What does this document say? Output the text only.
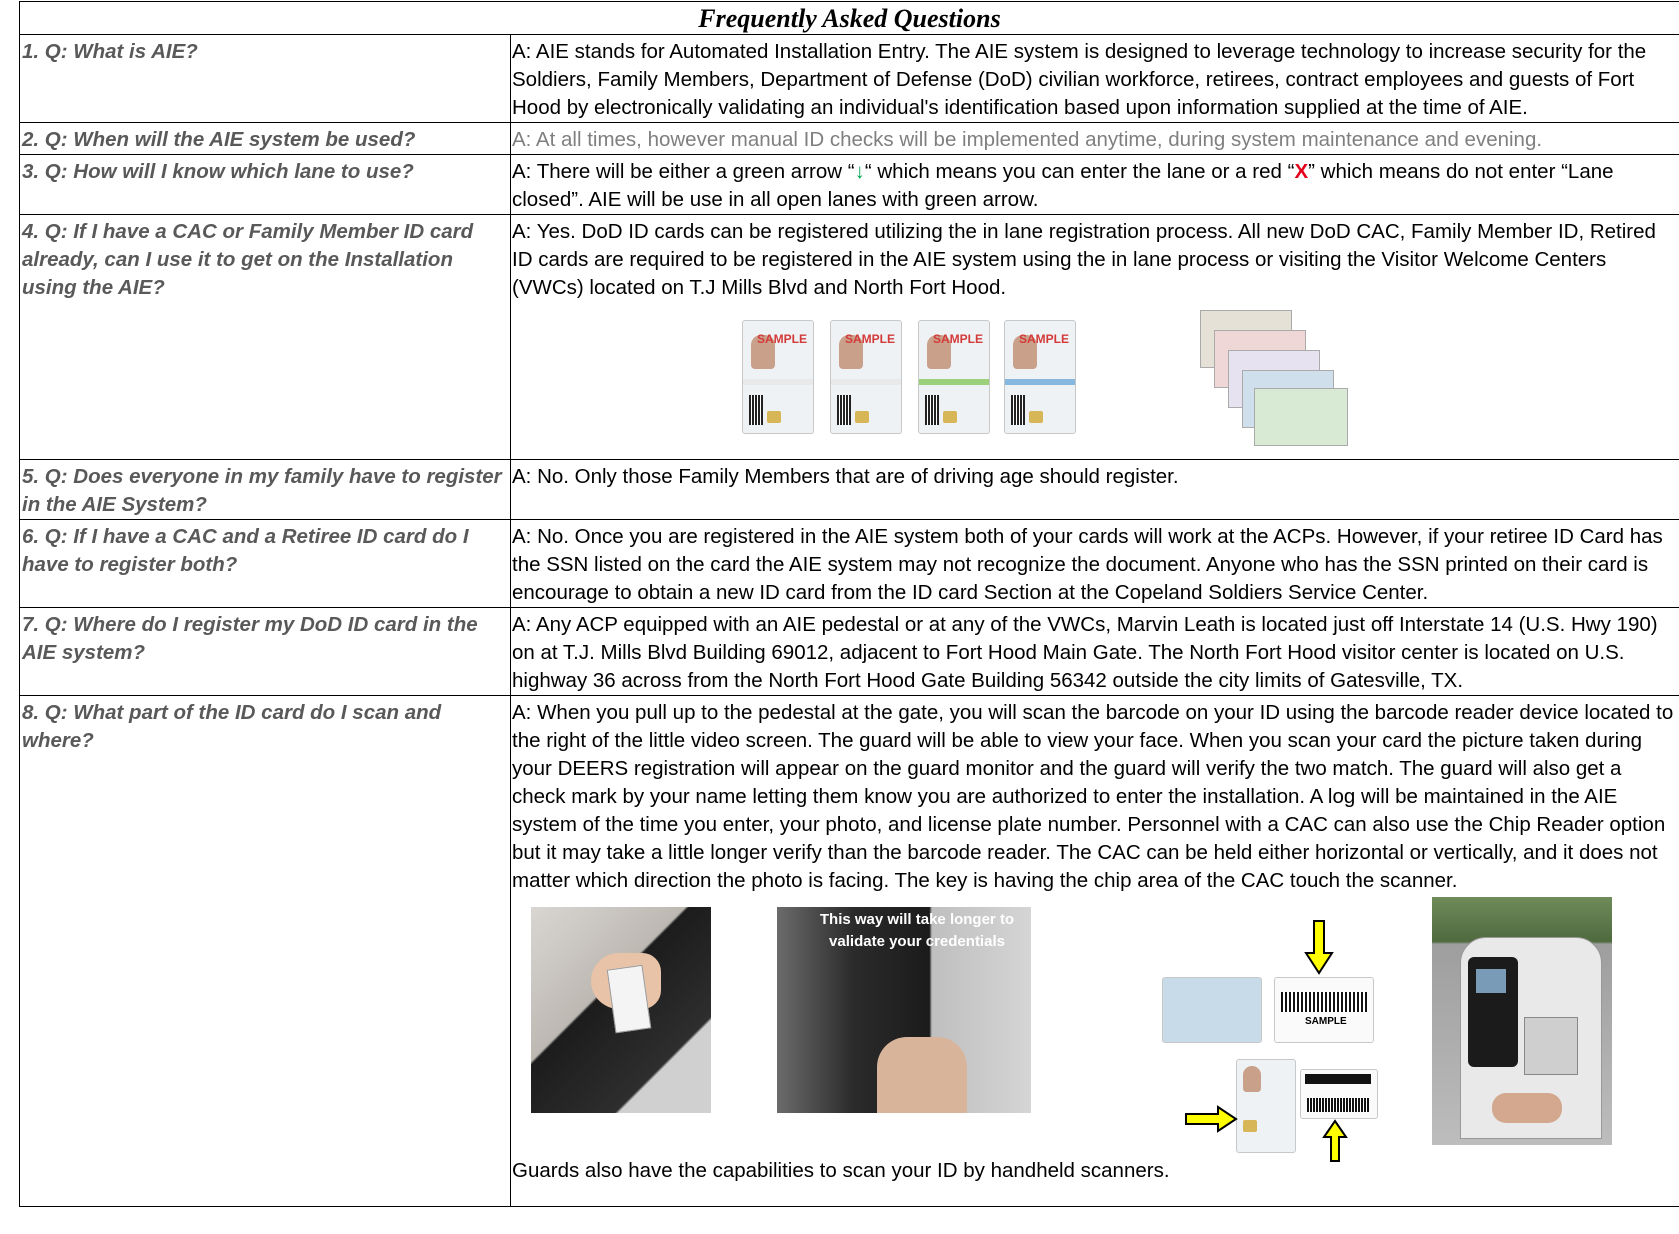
Frequently Asked Questions	
1. Q: What is AIE?	A: AIE stands for Automated Installation Entry. The AIE system is designed to leverage technology to increase security for the Soldiers, Family Members, Department of Defense (DoD) civilian workforce, retirees, contract employees and guests of Fort Hood by electronically validating an individual's identification based upon information supplied at the time of AIE.
2. Q: When will the AIE system be used?	A: At all times, however manual ID checks will be implemented anytime, during system maintenance and evening.
3. Q: How will I know which lane to use?	A: There will be either a green arrow “↓“ which means you can enter the lane or a red “X” which means do not enter “Lane closed”. AIE will be use in all open lanes with green arrow.
4. Q: If I have a CAC or Family Member ID card already, can I use it to get on the Installation using the AIE?	A: Yes. DoD ID cards can be registered utilizing the in lane registration process. All new DoD CAC, Family Member ID, Retired ID cards are required to be registered in the AIE system using the in lane process or visiting the Visitor Welcome Centers (VWCs) located on T.J Mills Blvd and North Fort Hood.
SAMPLE SAMPLE SAMPLE SAMPLE

5. Q: Does everyone in my family have to register in the AIE System?	A: No. Only those Family Members that are of driving age should register.
6. Q: If I have a CAC and a Retiree ID card do I have to register both?	A: No. Once you are registered in the AIE system both of your cards will work at the ACPs. However, if your retiree ID Card has the SSN listed on the card the AIE system may not recognize the document. Anyone who has the SSN printed on their card is encourage to obtain a new ID card from the ID card Section at the Copeland Soldiers Service Center.
7. Q: Where do I register my DoD ID card in the AIE system?	A: Any ACP equipped with an AIE pedestal or at any of the VWCs, Marvin Leath is located just off Interstate 14 (U.S. Hwy 190) on at T.J. Mills Blvd Building 69012, adjacent to Fort Hood Main Gate. The North Fort Hood visitor center is located on U.S. highway 36 across from the North Fort Hood Gate Building 56342 outside the city limits of Gatesville, TX.
8. Q: What part of the ID card do I scan and where?	A: When you pull up to the pedestal at the gate, you will scan the barcode on your ID using the barcode reader device located to the right of the little video screen. The guard will be able to view your face. When you scan your card the picture taken during your DEERS registration will appear on the guard monitor and the guard will verify the two match. The guard will also get a check mark by your name letting them know you are authorized to enter the installation. A log will be maintained in the AIE system of the time you enter, your photo, and license plate number. Personnel with a CAC can also use the Chip Reader option but it may take a little longer verify than the barcode reader. The CAC can be held either horizontal or vertically, and it does not matter which direction the photo is facing. The key is having the chip area of the CAC touch the scanner.
This way will take longer to validate your credentials
SAMPLE
Guards also have the capabilities to scan your ID by handheld scanners.
